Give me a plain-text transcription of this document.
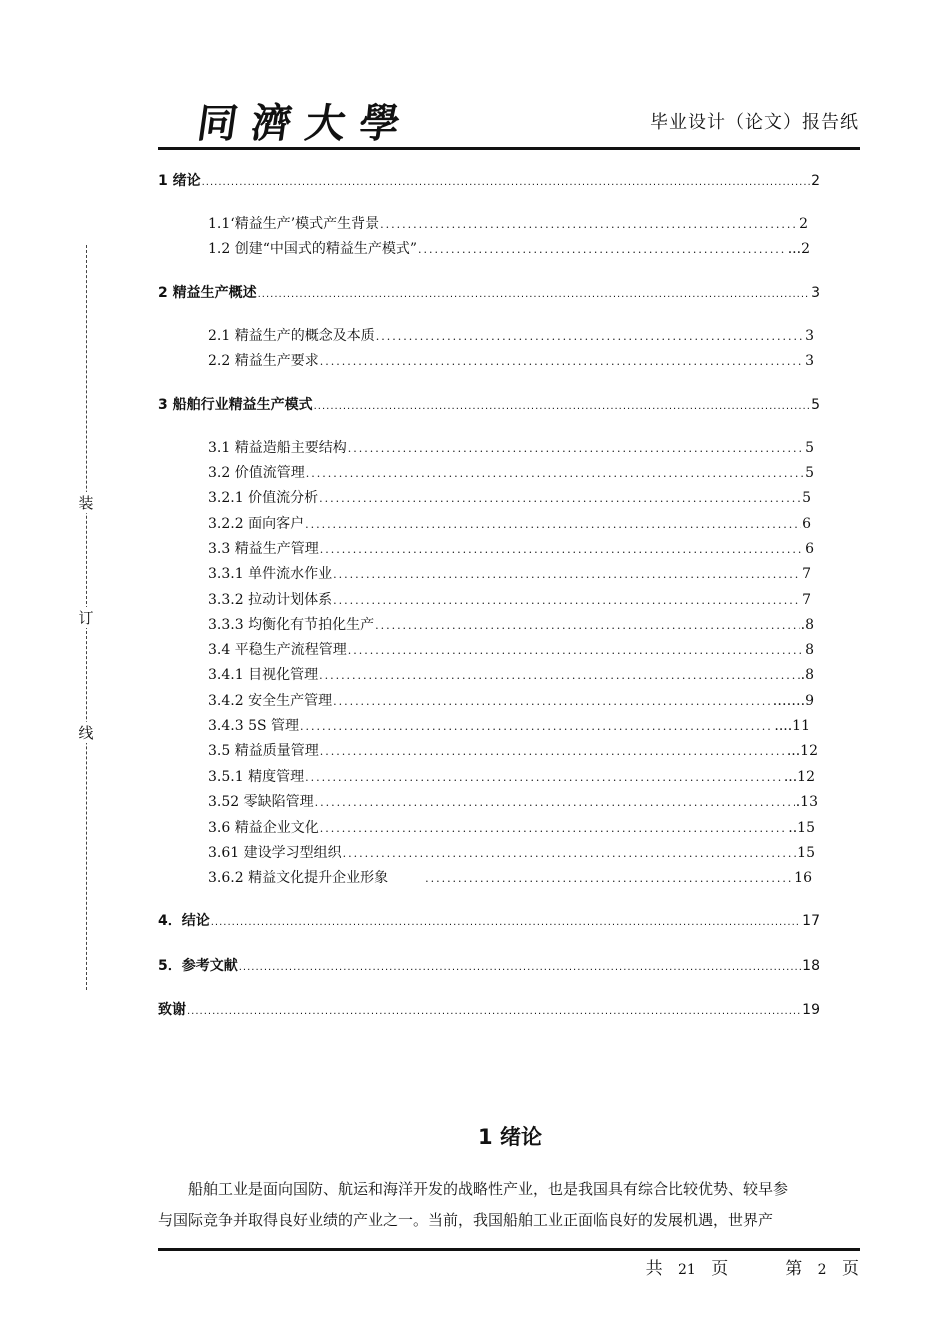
同濟大學	毕业设计（论文）报告纸
装
订
线
1 绪论 .....	2
1.1‘精益生产’模式产生背景 .....	2
1.2 创建“中国式的精益生产模式” .....	...2
2 精益生产概述 .....	3
2.1 精益生产的概念及本质 .....	3
2.2 精益生产要求 .....	3
3 船舶行业精益生产模式 .....	5
3.1 精益造船主要结构 .....	5
3.2 价值流管理 .....	5
3.2.1 价值流分析 .....	5
3.2.2 面向客户 .....	6
3.3 精益生产管理 .....	6
3.3.1 单件流水作业 .....	7
3.3.2 拉动计划体系 .....	7
3.3.3 均衡化有节拍化生产 .....	.8
3.4 平稳生产流程管理 .....	8
3.4.1 目视化管理 .....	.8
3.4.2 安全生产管理 .....	…….9
3.4.3 5S 管理 .....	....11
3.5 精益质量管理 .....	...12
3.5.1 精度管理 .....	...12
3.52 零缺陷管理 .....	.13
3.6 精益企业文化 .....	..15
3.61 建设学习型组织 .....	15
3.6.2 精益文化提升企业形象 .....	16
4．结论 .....	17
5．参考文献 .....	18
致谢 .....	19
1 绪论
船舶工业是面向国防、航运和海洋开发的战略性产业，也是我国具有综合比较优势、较早参
与国际竞争并取得良好业绩的产业之一。当前，我国船舶工业正面临良好的发展机遇，世界产
共 21 页	第 2 页
